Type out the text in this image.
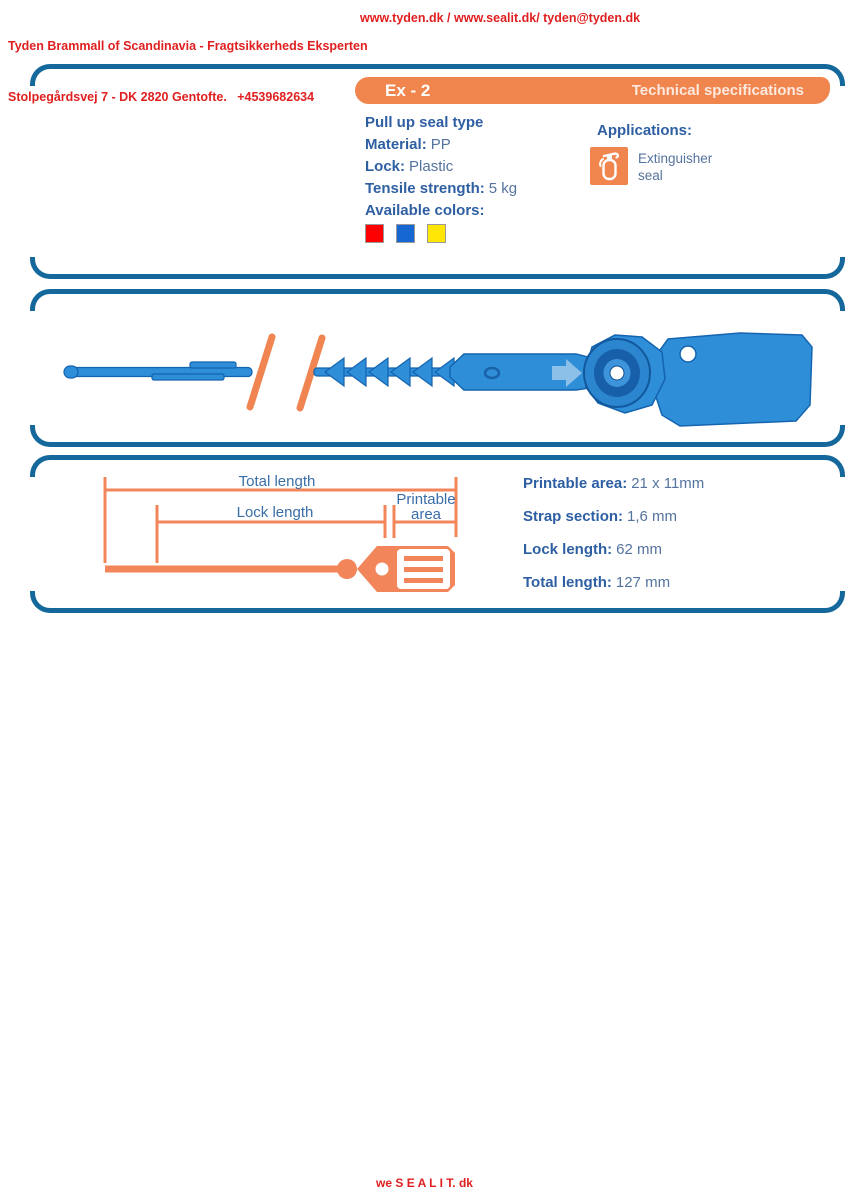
Tyden Brammall of Scandinavia - Fragtsikkerheds Eksperten

Stolpegårdsvej 7 - DK 2820 Gentofte.   +4539682634

www.tyden.dk / www.sealit.dk/ tyden@tyden.dk
Ex - 2	Technical specifications
Pull up seal type
Material: PP
Lock: Plastic
Tensile strength: 5 kg
Available colors:
Applications:
Extinguisher
seal
Total length
Lock length
Printable
area
Printable area: 21 x 11mm
Strap section: 1,6 mm
Lock length: 62 mm
Total length: 127 mm
we S E A L I T. dk
